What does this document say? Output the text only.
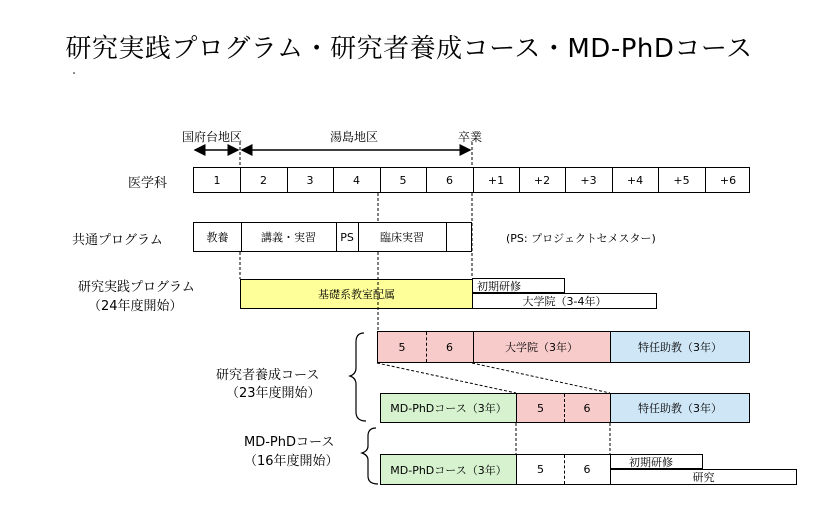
研究実践プログラム・研究者養成コース・MD-PhDコース
国府台地区	湯島地区	卒業
医学科
共通プログラム
研究実践プログラム
（24年度開始）
研究者養成コース
（23年度開始）
MD-PhDコース
（16年度開始）
1	2	3	4	5	6	+1	+2	+3	+4	+5	+6
教養	講義・実習	PS	臨床実習	(PS: プロジェクトセメスター)
基礎系教室配属
初期研修
大学院（3-4年）
5	6	大学院（3年）	特任助教（3年）
MD-PhDコース（3年）	5	6	特任助教（3年）
MD-PhDコース（3年）	5	6
初期研修
研究
